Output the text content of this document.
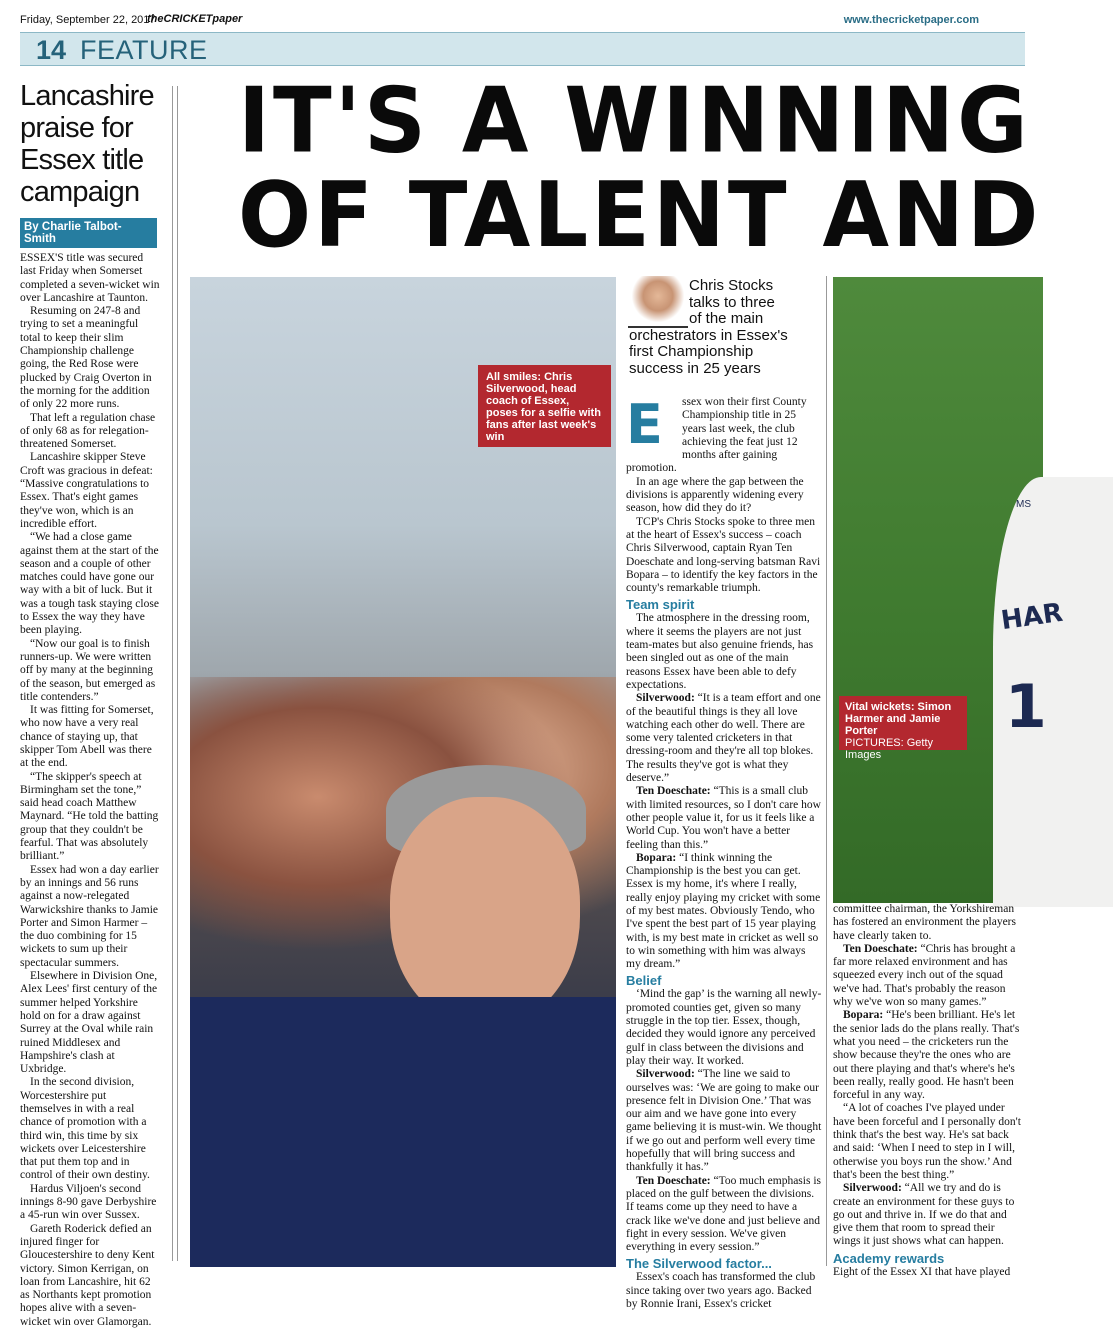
Friday, September 22, 2017
theCRICKETpaper	www.thecricketpaper.com
14 FEATURE
Lancashire
praise for
Essex title
campaign
By Charlie Talbot-Smith

ESSEX'S title was secured last Friday when Somerset completed a seven-wicket win over Lancashire at Taunton.

Resuming on 247-8 and trying to set a meaningful total to keep their slim Championship challenge going, the Red Rose were plucked by Craig Overton in the morning for the addition of only 22 more runs.

That left a regulation chase of only 68 as for relegation-threatened Somerset.

Lancashire skipper Steve Croft was gracious in defeat: “Massive congratulations to Essex. That's eight games they've won, which is an incredible effort.

“We had a close game against them at the start of the season and a couple of other matches could have gone our way with a bit of luck. But it was a tough task staying close to Essex the way they have been playing.

“Now our goal is to finish runners-up. We were written off by many at the beginning of the season, but emerged as title contenders.”

It was fitting for Somerset, who now have a very real chance of staying up, that skipper Tom Abell was there at the end.

“The skipper's speech at Birmingham set the tone,” said head coach Matthew Maynard. “He told the batting group that they couldn't be fearful. That was absolutely brilliant.”

Essex had won a day earlier by an innings and 56 runs against a now-relegated Warwickshire thanks to Jamie Porter and Simon Harmer – the duo combining for 15 wickets to sum up their spectacular summers.

Elsewhere in Division One, Alex Lees' first century of the summer helped Yorkshire hold on for a draw against Surrey at the Oval while rain ruined Middlesex and Hampshire's clash at Uxbridge.

In the second division, Worcestershire put themselves in with a real chance of promotion with a third win, this time by six wickets over Leicestershire that put them top and in control of their own destiny.

Hardus Viljoen's second innings 8-90 gave Derbyshire a 45-run win over Sussex.

Gareth Roderick defied an injured finger for Gloucestershire to deny Kent victory. Simon Kerrigan, on loan from Lancashire, hit 62 as Northants kept promotion hopes alive with a seven-wicket win over Glamorgan.

IT'S A WINNING
OF TALENT AND
All smiles: Chris Silverwood, head coach of Essex, poses for a selfie with fans after last week's win
Chris Stocks
talks to three
of the main
orchestrators in Essex's
first Championship
success in 25 years
E	ssex won their first County Championship title in 25 years last week, the club achieving the feat just 12 months after gaining promotion.

In an age where the gap between the divisions is apparently widening every season, how did they do it?

TCP's Chris Stocks spoke to three men at the heart of Essex's success – coach Chris Silverwood, captain Ryan Ten Doeschate and long-serving batsman Ravi Bopara – to identify the key factors in the county's remarkable triumph.

Team spirit

The atmosphere in the dressing room, where it seems the players are not just team-mates but also genuine friends, has been singled out as one of the main reasons Essex have been able to defy expectations.

Silverwood: “It is a team effort and one of the beautiful things is they all love watching each other do well. There are some very talented cricketers in that dressing-room and they're all top blokes. The results they've got is what they deserve.”

Ten Doeschate: “This is a small club with limited resources, so I don't care how other people value it, for us it feels like a World Cup. You won't have a better feeling than this.”

Bopara: “I think winning the Championship is the best you can get. Essex is my home, it's where I really, really enjoy playing my cricket with some of my best mates. Obviously Tendo, who I've spent the best part of 15 year playing with, is my best mate in cricket as well so to win something with him was always my dream.”

Belief

‘Mind the gap’ is the warning all newly-promoted counties get, given so many struggle in the top tier. Essex, though, decided they would ignore any perceived gulf in class between the divisions and play their way. It worked.

Silverwood: “The line we said to ourselves was: ‘We are going to make our presence felt in Division One.’ That was our aim and we have gone into every game believing it is must-win. We thought if we go out and perform well every time hopefully that will bring success and thankfully it has.”

Ten Doeschate: “Too much emphasis is placed on the gulf between the divisions. If teams come up they need to have a crack like we've done and just believe and fight in every session. We've given everything in every session.”

The Silverwood factor...

Essex's coach has transformed the club since taking over two years ago. Backed by Ronnie Irani, Essex's cricket

MS
HAR
1
Vital wickets: Simon Harmer and Jamie Porter
PICTURES: Getty Images

committee chairman, the Yorkshireman has fostered an environment the players have clearly taken to.

Ten Doeschate: “Chris has brought a far more relaxed environment and has squeezed every inch out of the squad we've had. That's probably the reason why we've won so many games.”

Bopara: “He's been brilliant. He's let the senior lads do the plans really. That's what you need – the cricketers run the show because they're the ones who are out there playing and that's where's he's been really, really good. He hasn't been forceful in any way.

“A lot of coaches I've played under have been forceful and I personally don't think that's the best way. He's sat back and said: ‘When I need to step in I will, otherwise you boys run the show.’ And that's been the best thing.”

Silverwood: “All we try and do is create an environment for these guys to go out and thrive in. If we do that and give them that room to spread their wings it just shows what can happen.

Academy rewards

Eight of the Essex XI that have played
